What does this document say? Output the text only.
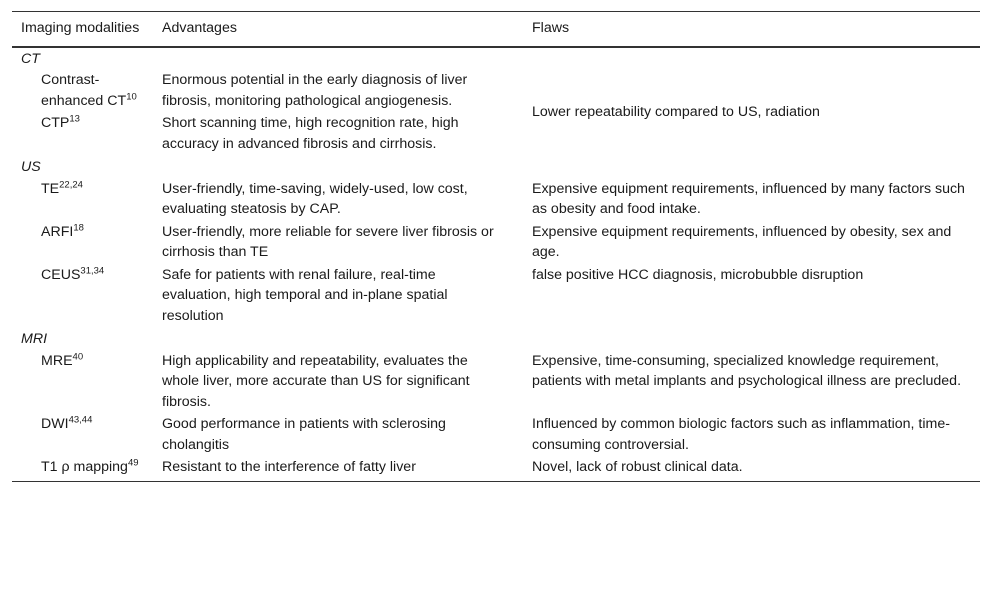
Imaging modalities	Advantages	Flaws
CT		
Contrast-enhanced CT$^{10}$	Enormous potential in the early diagnosis of liver fibrosis, monitoring pathological angiogenesis.	Lower repeatability compared to US, radiation
CTP$^{13}$	Short scanning time, high recognition rate, high accuracy in advanced fibrosis and cirrhosis.	
US		
TE$^{22,24}$	User-friendly, time-saving, widely-used, low cost, evaluating steatosis by CAP.	Expensive equipment requirements, influenced by many factors such as obesity and food intake.
ARFI$^{18}$	User-friendly, more reliable for severe liver fibrosis or cirrhosis than TE	Expensive equipment requirements, influenced by obesity, sex and age.
CEUS$^{31,34}$	Safe for patients with renal failure, real-time evaluation, high temporal and in-plane spatial resolution	false positive HCC diagnosis, microbubble disruption
MRI		
MRE$^{40}$	High applicability and repeatability, evaluates the whole liver, more accurate than US for significant fibrosis.	Expensive, time-consuming, specialized knowledge requirement, patients with metal implants and psychological illness are precluded.
DWI$^{43,44}$	Good performance in patients with sclerosing cholangitis	Influenced by common biologic factors such as inflammation, time-consuming controversial.
T1 ρ mapping$^{49}$	Resistant to the interference of fatty liver	Novel, lack of robust clinical data.
